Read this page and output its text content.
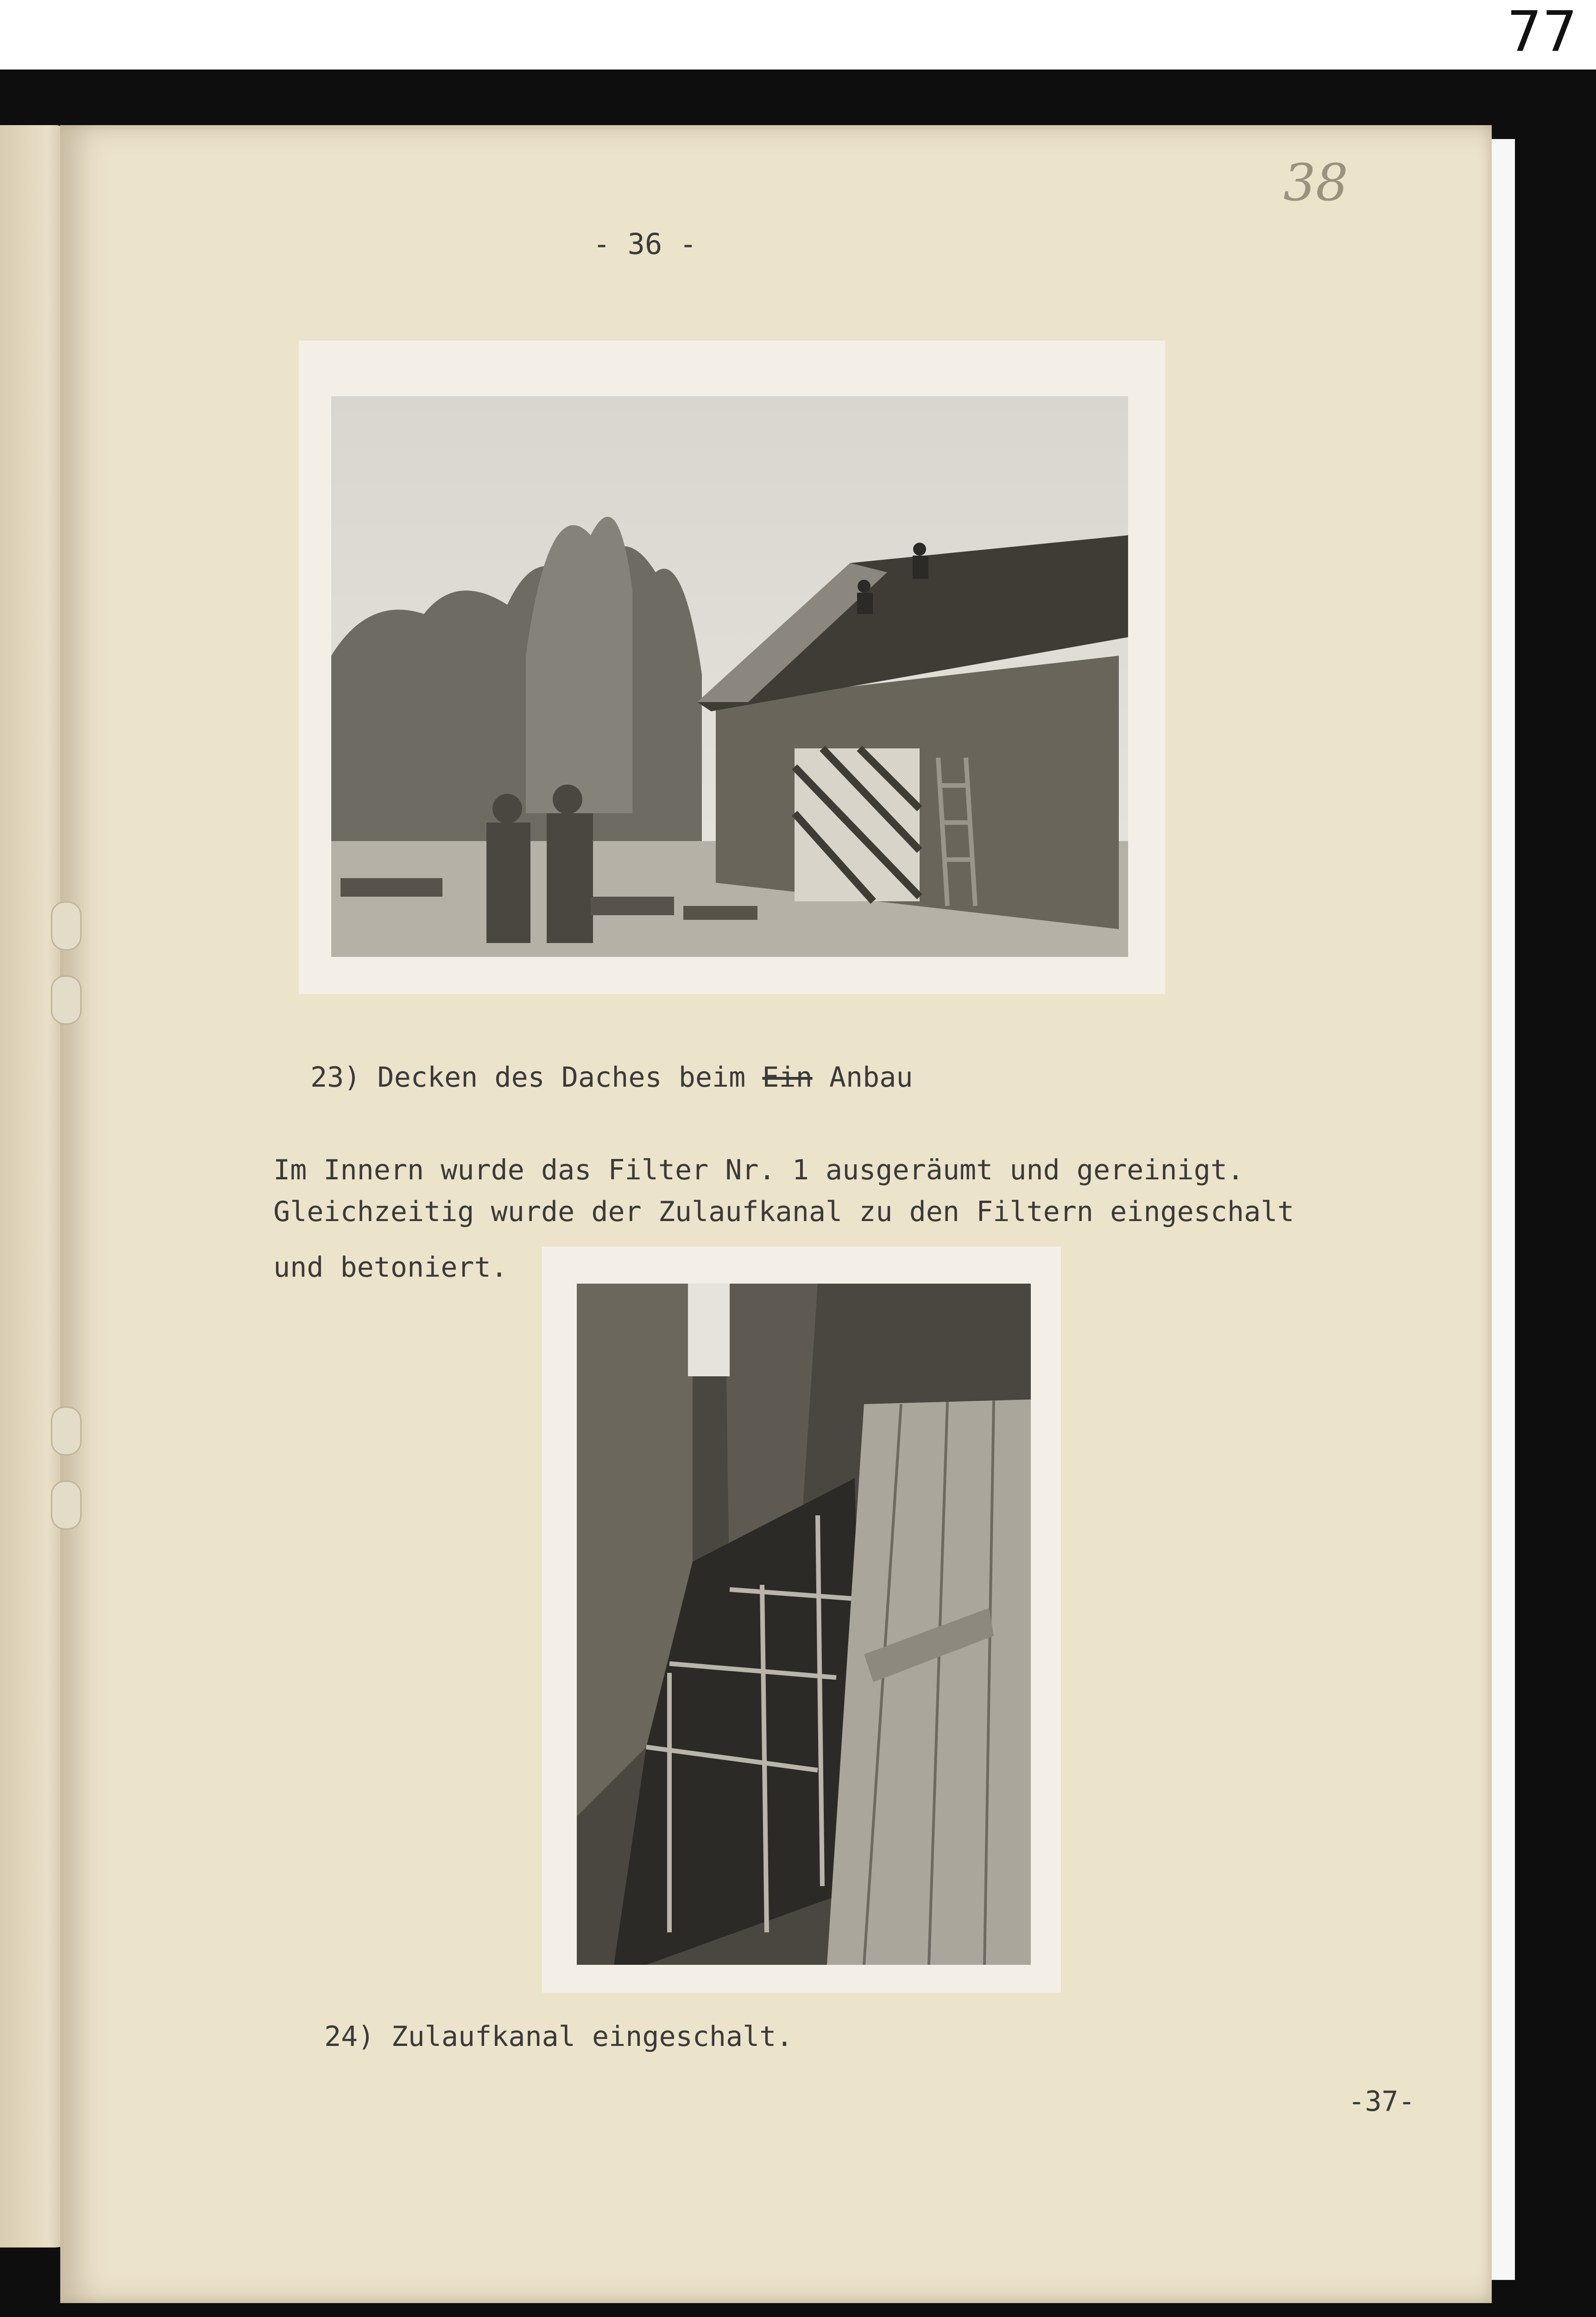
77
38
- 36 -
23) Decken des Daches beim Ein Anbau
Im Innern wurde das Filter Nr. 1 ausgeräumt und gereinigt.
Gleichzeitig wurde der Zulaufkanal zu den Filtern eingeschalt
und betoniert.
24) Zulaufkanal eingeschalt.
-37-
